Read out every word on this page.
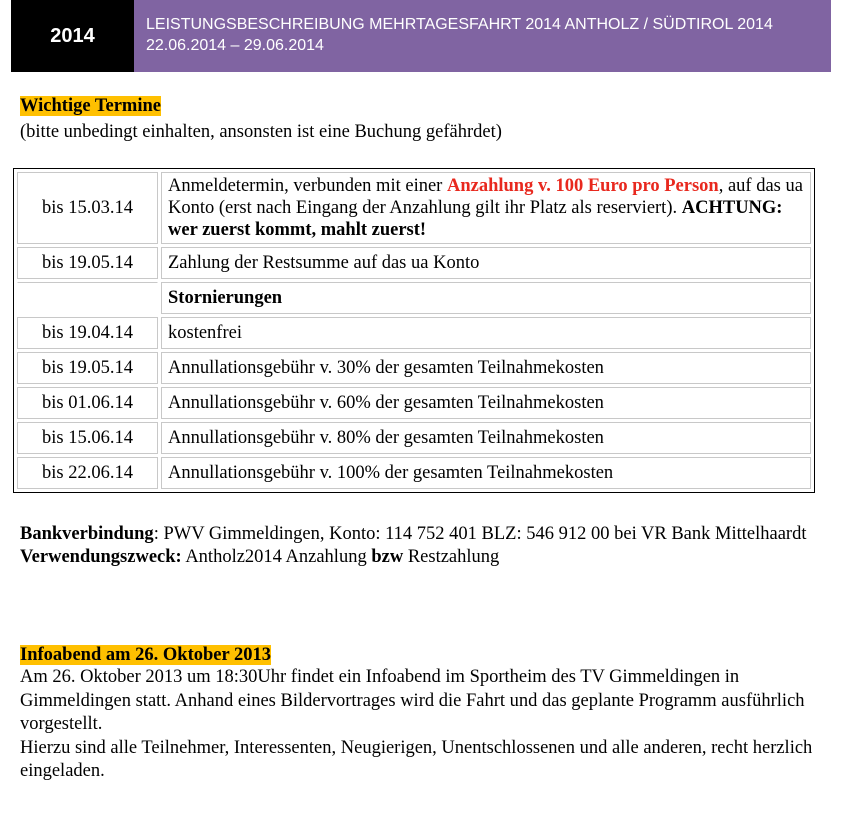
2014	LEISTUNGSBESCHREIBUNG MEHRTAGESFAHRT 2014 ANTHOLZ / SÜDTIROL 2014
22.06.2014 – 29.06.2014
Wichtige Termine
(bitte unbedingt einhalten, ansonsten ist eine Buchung gefährdet)
bis 15.03.14	Anmeldetermin, verbunden mit einer Anzahlung v. 100 Euro pro Person, auf das ua Konto (erst nach Eingang der Anzahlung gilt ihr Platz als reserviert). ACHTUNG: wer zuerst kommt, mahlt zuerst!
bis 19.05.14	Zahlung der Restsumme auf das ua Konto
	Stornierungen
bis 19.04.14	kostenfrei
bis 19.05.14	Annullationsgebühr v. 30% der gesamten Teilnahmekosten
bis 01.06.14	Annullationsgebühr v. 60% der gesamten Teilnahmekosten
bis 15.06.14	Annullationsgebühr v. 80% der gesamten Teilnahmekosten
bis 22.06.14	Annullationsgebühr v. 100% der gesamten Teilnahmekosten
Bankverbindung: PWV Gimmeldingen, Konto: 114 752 401 BLZ: 546 912 00 bei VR Bank Mittelhaardt
Verwendungszweck: Antholz2014 Anzahlung bzw Restzahlung
Infoabend am 26. Oktober 2013
Am 26. Oktober 2013 um 18:30Uhr findet ein Infoabend im Sportheim des TV Gimmeldingen in Gimmeldingen statt. Anhand eines Bildervortrages wird die Fahrt und das geplante Programm ausführlich vorgestellt.
Hierzu sind alle Teilnehmer, Interessenten, Neugierigen, Unentschlossenen und alle anderen, recht herzlich eingeladen.
